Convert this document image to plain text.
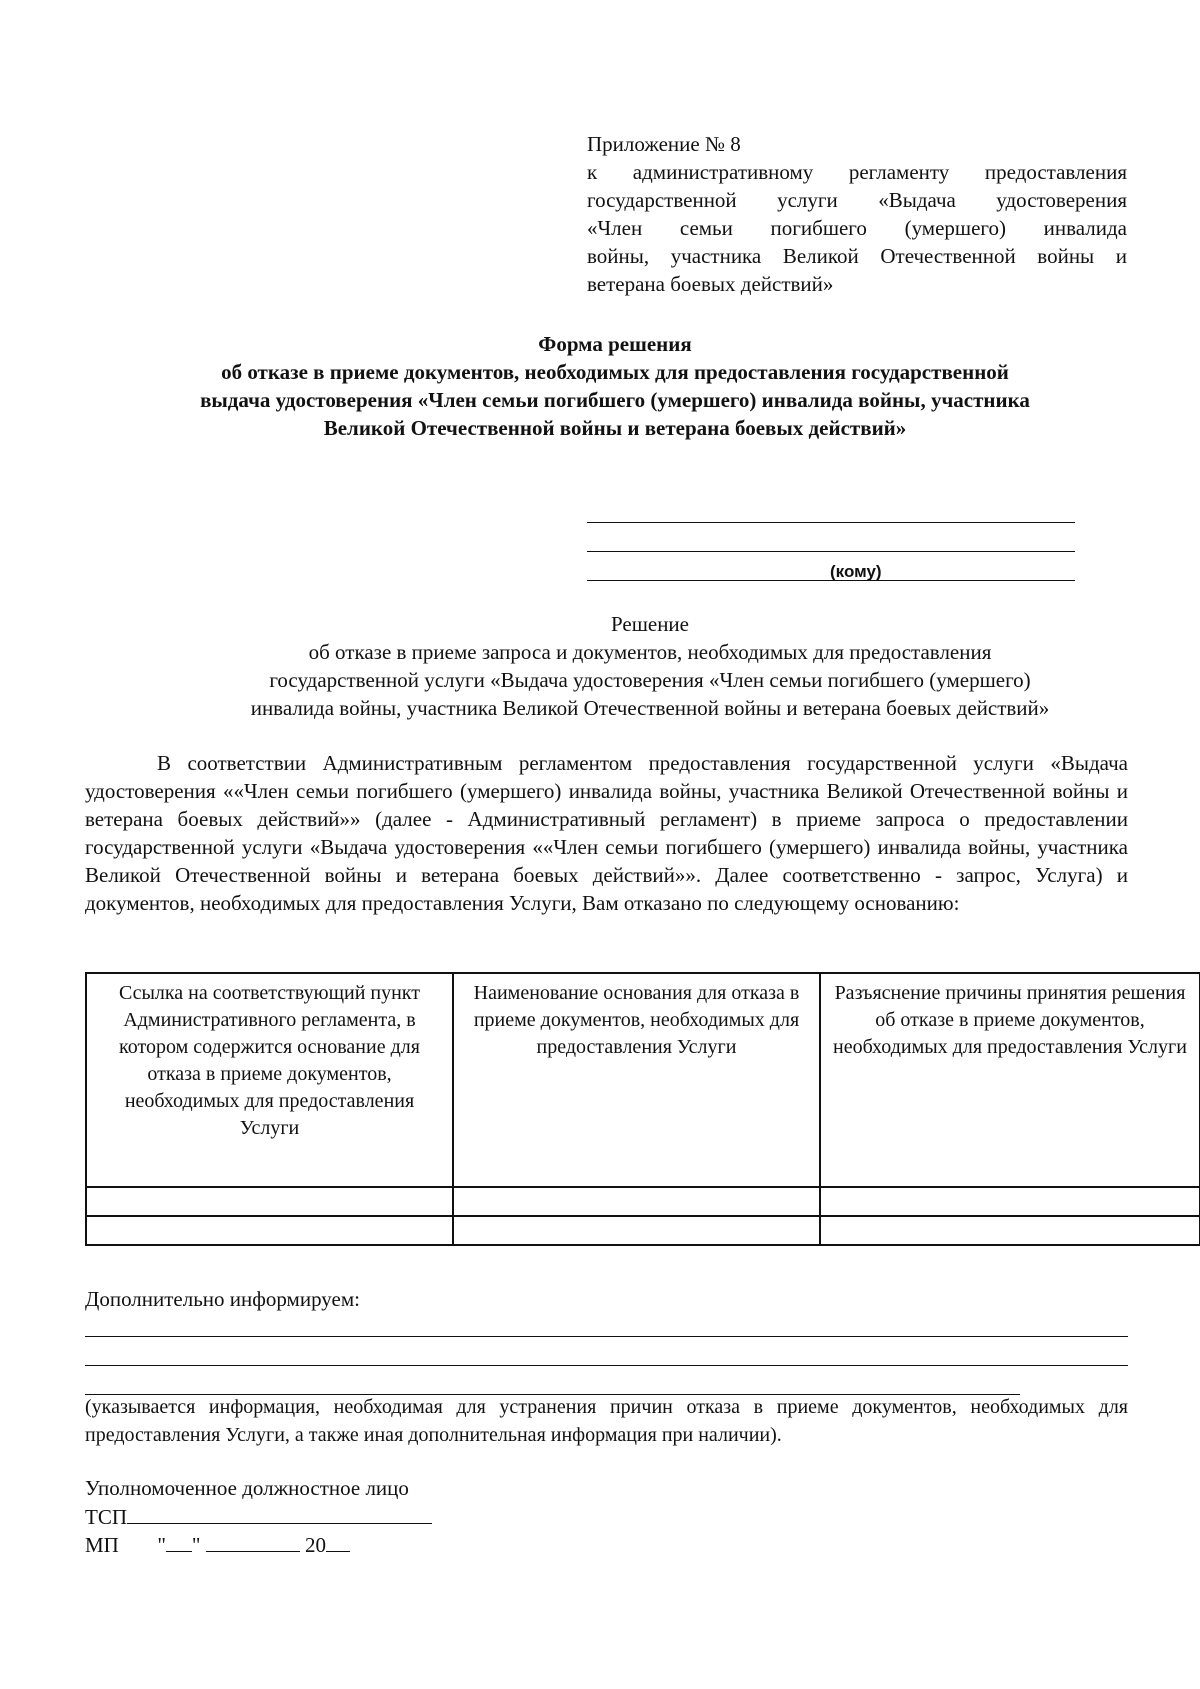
Приложение № 8
к административному регламенту предоставления
государственной услуги «Выдача удостоверения
«Член семьи погибшего (умершего) инвалида
войны, участника Великой Отечественной войны и
ветерана боевых действий»
Форма решения
об отказе в приеме документов, необходимых для предоставления государственной
выдача удостоверения «Член семьи погибшего (умершего) инвалида войны, участника
Великой Отечественной войны и ветерана боевых действий»
(кому)
Решение
об отказе в приеме запроса и документов, необходимых для предоставления
государственной услуги «Выдача удостоверения «Член семьи погибшего (умершего)
инвалида войны, участника Великой Отечественной войны и ветерана боевых действий»
В соответствии Административным регламентом предоставления государственной услуги «Выдача удостоверения ««Член семьи погибшего (умершего) инвалида войны, участника Великой Отечественной войны и ветерана боевых действий»» (далее - Административный регламент) в приеме запроса о предоставлении государственной услуги «Выдача удостоверения ««Член семьи погибшего (умершего) инвалида войны, участника Великой Отечественной войны и ветерана боевых действий»». Далее соответственно - запрос, Услуга) и документов, необходимых для предоставления Услуги, Вам отказано по следующему основанию:
Ссылка на соответствующий пункт Административного регламента, в котором содержится основание для отказа в приеме документов, необходимых для предоставления Услуги	Наименование основания для отказа в приеме документов, необходимых для предоставления Услуги	Разъяснение причины принятия решения об отказе в приеме документов, необходимых для предоставления Услуги

Дополнительно информируем:
(указывается информация, необходимая для устранения причин отказа в приеме документов, необходимых для предоставления Услуги, а также иная дополнительная информация при наличии).
Уполномоченное должностное лицо
ТСП
МП " "	20
